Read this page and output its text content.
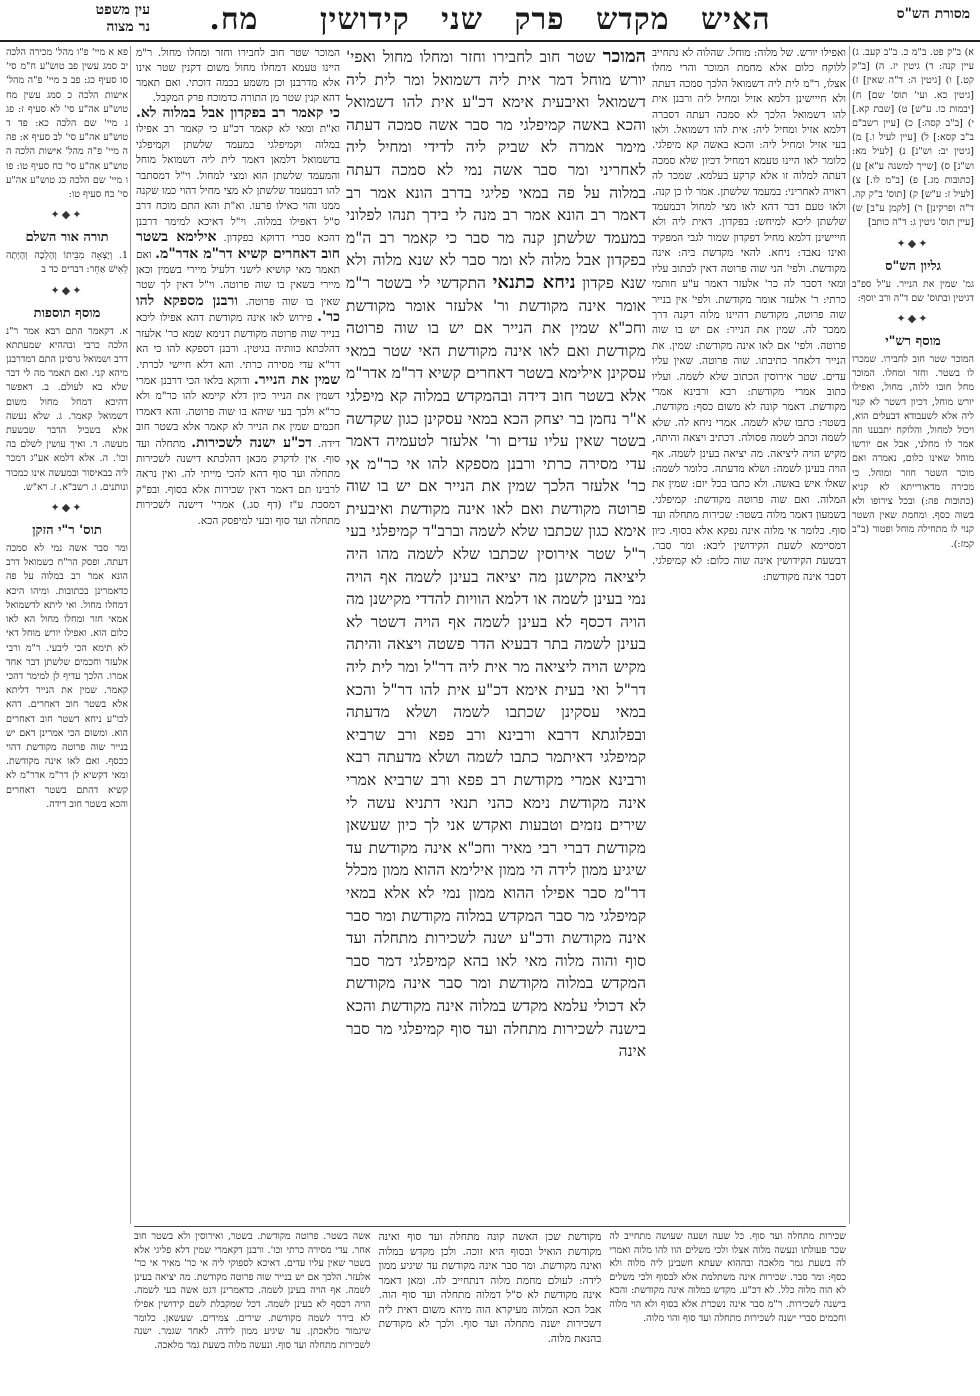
מסורת הש"ס
האיש מקדש פרק שני קידושין מח.
עין משפט
נר מצוה
א) ב"ק פט. ב"מ כ. ב"ב קעב. ג) עיין קנה: ד) גיטין יז. ה) [ב"ק קט.] ו) [גיטין ה: ד"ה שאין] ז) [גיטין כא. ועי' תוס' שם] ח) [יבמות כו. ע"ש] ט) [שבת קא.] י) [ב"ב קסה:] כ) [עיין רשב"ם ב"ב קסא:] ל) [עיין לעיל ו.] מ) [גיטין יב: וש"נ] נ) [לעיל מא: וש"נ] ס) [שייך למשנה ע"א] ע) [כתובות מג.] פ) [ב"מ לו.] צ) [לעיל ז: ע"ש] ק) [תוס' ב"ק קה. ד"ה ופרקינן] ר) [לקמן ע"ב] ש) [עיין תוס' גיטין ג: ד"ה כותב]
✦◆✦
גליון הש"ס
גמ' שמין את הנייר. ע"ל ספ"ב דגיטין ובתוס' שם ד"ה ורב יוסף:
✦◆✦
מוסף רש"י
המוכר שטר חוב לחבירו. שמכרו לו בשטר. וחזר ומחלו. המוכר מחל חובו ללוה, מחול, ואפילו יורש מוחל, דכיון דשטר לא קנוי ליה אלא לשעבודא דבעלים הוא, ויכול למחול, והלוקח יתבענו וזה אמר לו מחלני, אבל אם יורשו מוחל שאינו כלום, נאמרה ואם מוכר השטר חוזר ומוחל. כי מכירה מדאורייתא לא קניא (כתובות פה:) ובכל צירופו ולא בשוה כסף. ומחמת שאין השטר קנוי לו מתחילה מוחל ופטור (ב"ב קמז:).
ואפילו יורש. של מלוה: מוחל. שהלוה לא נתחייב ללוקח כלום אלא מחמת המוכר והרי מחלו אצלו, ר"מ לית ליה דשמואל הלכך סמכה דעתה ולא חייישינן דלמא אזיל ומחיל ליה ורבנן אית להו דשמואל הלכך לא סמכה דעתה דסברה דלמא אזיל ומחיל ליה: אית להו דשמואל. ולאו בעי אזיל ומחיל ליה: והכא באשה קא מיפלגי. כלומר לאו היינו טעמא דמחיל דכיון שלא סמכה דעתה למלוה זו אלא קרקע בעלמא. שמכר לה ראויה לאחריני: במעמד שלשתן. אמר לו כן קנה. ולאו טעם דבר דהא לאו מצי למחול דבמעמד שלשתן ליכא למיחש: בפקדון. דאית ליה ולא חייישינן דלמא מחיל דפקדון שמור לגבי המפקיד ואינו נאבד: ניחא. להאי מקדשת ביה: אינה מקודשת. ולפי' הני שוה פרוטה דאין לכתוב עליו ומאי דסבר לה כר' אלעזר דאמר ע"ע חותמי כרתי: ר' אלעזר אומר מקודשת. ולפי' אין בנייר שוה פרוטה, מקודשת דהיינו מלוה דקנה דרך ממכר לה. שמין את הנייר: אם יש בו שוה פרוטה. ולפי' אם לאו אינה מקודשת: שמין. את הנייר דלאחר כתיבתו. שוה פרוטה. שאין עליו עדים. שטר אירוסין הכתוב שלא לשמה. ועליו כתוב אמרי מקודשת: רבא ורבינא אמרי מקודשת. דאמר קונה לא משום כסף: מקודשת. בשטר: כתבו שלא לשמה. אמרי ניחא לה. שלא לשמה וכתב לשמה פסולה. דכתיב ויצאה והיתה, מקיש הויה ליציאה. מה יציאה בעינן לשמה. אף הויה בעינן לשמה: ושלא מדעתה. כלומר לשמה: שאלו איש באשה. ולא כתבו בכל יום: שמין את המלוה. ואם שוה פרוטה מקודשת: קמיפלגי. בשמעון דאמר מלוה בשטר: שכירות מתחלה ועד סוף. כלומר אי מלוה אינה נפקא אלא בסוף. כיון דמסיימא לשעת הקידושין ליכא: ומר סבר. דבשעת הקידושין אינה שוה כלום: לא קמיפלגי. דסבר אינה מקודשת:
המוכר שטר חוב לחבירו וחזר ומחלו מחול ואפי' יורש מוחל דמר אית ליה דשמואל ומר לית ליה דשמואל ואיבעית אימא דכ"ע אית להו דשמואל והכא באשה קמיפלגי מר סבר אשה סמכה דעתה מימר אמרה לא שביק ליה לדידי ומחיל ליה לאחריני ומר סבר אשה נמי לא סמכה דעתה במלוה על פה במאי פליגי בדרב הונא אמר רב דאמר רב הונא אמר רב מנה לי בידך תנהו לפלוני במעמד שלשתן קנה מר סבר כי קאמר רב ה"מ בפקדון אבל מלוה לא ומר סבר לא שנא מלוה ולא שנא פקדון ניחא כתנאי התקדשי לי בשטר ר"מ אומר אינה מקודשת ור' אלעזר אומר מקודשת וחכ"א שמין את הנייר אם יש בו שוה פרוטה מקודשת ואם לאו אינה מקודשת האי שטר במאי עסקינן אילימא בשטר דאחרים קשיא דר"מ אדר"מ אלא בשטר חוב דידה ובהמקדש במלוה קא מיפלגי א"ר נחמן בר יצחק הכא במאי עסקינן כגון שקדשה בשטר שאין עליו עדים ור' אלעזר לטעמיה דאמר עדי מסירה כרתי ורבנן מספקא להו אי כר"מ אי כר' אלעזר הלכך שמין את הנייר אם יש בו שוה פרוטה מקודשת ואם לאו אינה מקודשת ואיבעית אימא כגון שכתבו שלא לשמה וברב"ד קמיפלגי בעי ר"ל שטר אירוסין שכתבו שלא לשמה מהו היה ליציאה מקישנן מה יציאה בעינן לשמה אף הויה נמי בעינן לשמה או דלמא הוויות להדדי מקישנן מה הויה דכסף לא בעינן לשמה אף הויה דשטר לא בעינן לשמה בתר דבעיא הדר פשטה ויצאה והיתה מקיש הויה ליציאה מר אית ליה דר"ל ומר לית ליה דר"ל ואי בעית אימא דכ"ע אית להו דר"ל והכא במאי עסקינן שכתבו לשמה ושלא מדעתה ובפלוגתא דרבא ורבינא ורב פפא ורב שרביא קמיפלגי דאיתמר כתבו לשמה ושלא מדעתה רבא ורבינא אמרי מקודשת רב פפא ורב שרביא אמרי אינה מקודשת נימא כהני תנאי דתניא עשה לי שירים נזמים וטבעות ואקדש אני לך כיון שעשאן מקודשת דברי רבי מאיר וחכ"א אינה מקודשת עד שיגיע ממון לידה הי ממון אילימא ההוא ממון מכלל דר"מ סבר אפילו ההוא ממון נמי לא אלא במאי קמיפלגי מר סבר המקדש במלוה מקודשת ומר סבר אינה מקודשת ודכ"ע ישנה לשכירות מתחלה ועד סוף והוה מלוה מאי לאו בהא קמיפלגי דמר סבר המקדש במלוה מקודשת ומר סבר אינה מקודשת לא דכולי עלמא מקדש במלוה אינה מקודשת והכא בישנה לשכירות מתחלה ועד סוף קמיפלגי מר סבר אינה
המוכר שטר חוב לחבירו וחזר ומחלו מחול. ר"מ היינו טעמא דמחלו מחול משום דקנין שטר אינו אלא מדרבנן וכן משמע בכמה דוכתי. ואם תאמר דהא קנין שטר מן התורה כדמוכח פרק המקבל.
כי קאמר רב בפקדון אבל במלוה לא. וא"ת ומאי לא קאמר דכ"ע כי קאמר רב אפילו במלוה וקמיפלגי במעמד שלשתן וקמיפלגי בדשמואל דלמאן דאמר לית ליה דשמואל מוחל והמעמד שלשתן הוא ומצי למחול. וי"ל דמסתבר להו דבמעמד שלשתן לא מצי מחיל דהוי כמו שקנה ממנו והוי כאילו פרעו. וא"ת והא התם מוכח דרב ס"ל דאפילו במלוה. וי"ל דאיכא למימר דרבנן דהכא סברי דדוקא בפקדון. אילימא בשטר חוב דאחרים קשיא דר"מ אדר"מ. ואם תאמר מאי קושיא לישני דלעיל מיירי בשמין וכאן מיירי בשאין בו שוה פרוטה. וי"ל דאין לך שטר שאין בו שוה פרוטה. ורבנן מספקא להו כר'. פירוש לאו אינה מקודשת דהא אפילו ליכא בנייר שוה פרוטה מקודשת דנימא שמא כר' אלעזר דהלכתא כוותיה בגיטין. ורבנן דספקא להו כי הא דר"א עדי מסירה כרתי. והא דלא חיישי לכרתי. שמין את הנייר. ודוקא בלאו הכי דרבנן אמרי דשמין את הנייר כיון דלא קיימא להו כר"מ ולא כר"א ולכך בעי שיהא בו שוה פרוטה. והא דאמרו חכמים שמין את הנייר לא קאמר אלא בשטר חוב דידה. דכ"ע ישנה לשכירות. מתחלה ועד סוף. אין לדקדק מכאן דהלכתא דישנה לשכירות מתחלה ועד סוף דהא להכי מייתי לה. ואין נראה לרבינו תם דאמר דאין שכירות אלא בסוף. ובפ"ק דמסכת ע"ז (דף סג.) אמרי' דישנה לשכירות מתחלה ועד סוף ובעי למיפסק הכא.
פא א מיי' פ"ו מהל' מכירה הלכה יב סמג עשין פב טוש"ע ח"מ סי' סו סעיף כג: פב ב מיי' פ"ה מהל' אישות הלכה כ סמג עשין מח טוש"ע אה"ע סי' לא סעיף ז: פג ג מיי' שם הלכה כא: פד ד טוש"ע אה"ע סי' לב סעיף א: פה ה מיי' פ"ה מהל' אישות הלכה ה טוש"ע אה"ע סי' כח סעיף טו: פו ו מיי' שם הלכה כג טוש"ע אה"ע סי' כח סעיף טו:
✦◆✦
תורה אור השלם
1. וְיָצְאָה מִבֵּיתוֹ וְהָלְכָה וְהָיְתָה לְאִישׁ אַחֵר: דברים כד ב
✦◆✦
מוסף תוספות
א. דקאמר התם רבא אמר ר"נ הלכה כרבי ובההיא שמעתתא דרב ושמואל גרסינן התם דמדרבנן מיהא קני. ואם תאמר מה לי דבר שלא בא לעולם. ב. דאפשר דהיכא דמחל מחול משום דשמואל קאמר. ג. שלא נעשה אלא בשביל הדבר שבשעת מעשה. ד. ואיך עושין לשלם בה וכו'. ה. אלא דלמא אע"ג דמכר ליה בבאיסור ובמעשה אינו כמכור ונותנים. ו. רשב"א. ז. רא"ש.
✦◆✦
תוס' ר"י הזקן
ומר סבר אשה נמי לא סמכה דעתה. ופסק הר"ח כשמואל דרב הונא אמר רב במלוה על פה כדאמרינן בכתובות. ומיהו היכא דמחלו מחול. ואי ליתא לדשמואל אמאי חזר ומחלו מחול הא לאו כלום הוא. ואפילו יורש מוחל דאי לא תימא הכי ליבעי. ר"מ ורבי אלעזר וחכמים שלשתן דבר אחד אמרו. הלכך עדיף לן למימר דהכי קאמר. שמין את הנייר דליתא אלא בשטר חוב דאחרים. דהא לכו"ע ניחא דשטר חוב דאחרים הוא. ומשום הכי אמרינן דאם יש בנייר שוה פרוטה מקודשת דהוי ככסף. ואם לאו אינה מקודשת. ומאי דקשיא לן דר"מ אדר"מ לא קשיא דהתם בשטר דאחרים והכא בשטר חוב דידה.
שכירות מתחלה ועד סוף. כל שעה ושעה שעושה מתחייב לה שכר פעולתו ונעשה מלוה אצלו ולכי משלים הוו להו מלוה ואמרי לה בשעת גמר מלאכה ובההוא שעתא חשבינן ליה מלוה ולא כסף: ומר סבר. שכירות אינה משתלמת אלא לבסוף ולכי משלים לא הוה מלוה כלל. לא דכ"ע. מקדש במלוה אינה מקודשת: והכא בישנה לשכירות. ר"מ סבר אינה נשכרת אלא בסוף ולא הוי מלוה וחכמים סברי ישנה לשכירות מתחלה ועד סוף והוי מלוה.
מקודשת שכן האשה קונה מתחלה ועד סוף ואינה מקודשת הואיל ובסוף היא זוכה. ולכן מקדש במלוה ואינה מקודשת. ומר סבר אינה מקודשת עד שיגיע ממון לידה: לעולם מחמת מלוה דנתחייב לה. ומאן דאמר אינה מקודשת לא ס"ל דמלוה מתחלה ועד סוף הוה. אבל הכא המלוה מעיקרא הוה מיהא משום דאית ליה דשכירות ישנה מתחלה ועד סוף. ולכך לא מקודשת בהנאת מלוה.
אשה בשטר. פרוטה מקודשת. בשטר, ואירוסין ולא בשטר חוב אחר. עדי מסירה כרתי וכו'. ורבנן דקאמרי שמין דלא פליגי אלא בשטר שאין עליו עדים. דאיכא לספוקי ליה אי כר' מאיר אי כר' אלעזר. הלכך אם יש בנייר שוה פרוטה מקודשת. מה יציאה בעינן לשמה. אף הויה בעינן לשמה. כדאמרינן דגט אשה בעי לשמה. הויה דכסף לא בעינן לשמה. דכל שמקבלת לשם קידושין אפילו לא בירר לשמה מקודשת. שירים. צמידים. שעשאן. כלומר שיגמור מלאכתן. עד שיגיע ממון לידה. לאחר שגמר. ישנה לשכירות מתחלה ועד סוף. ונעשה מלוה בשעת גמר מלאכה.
